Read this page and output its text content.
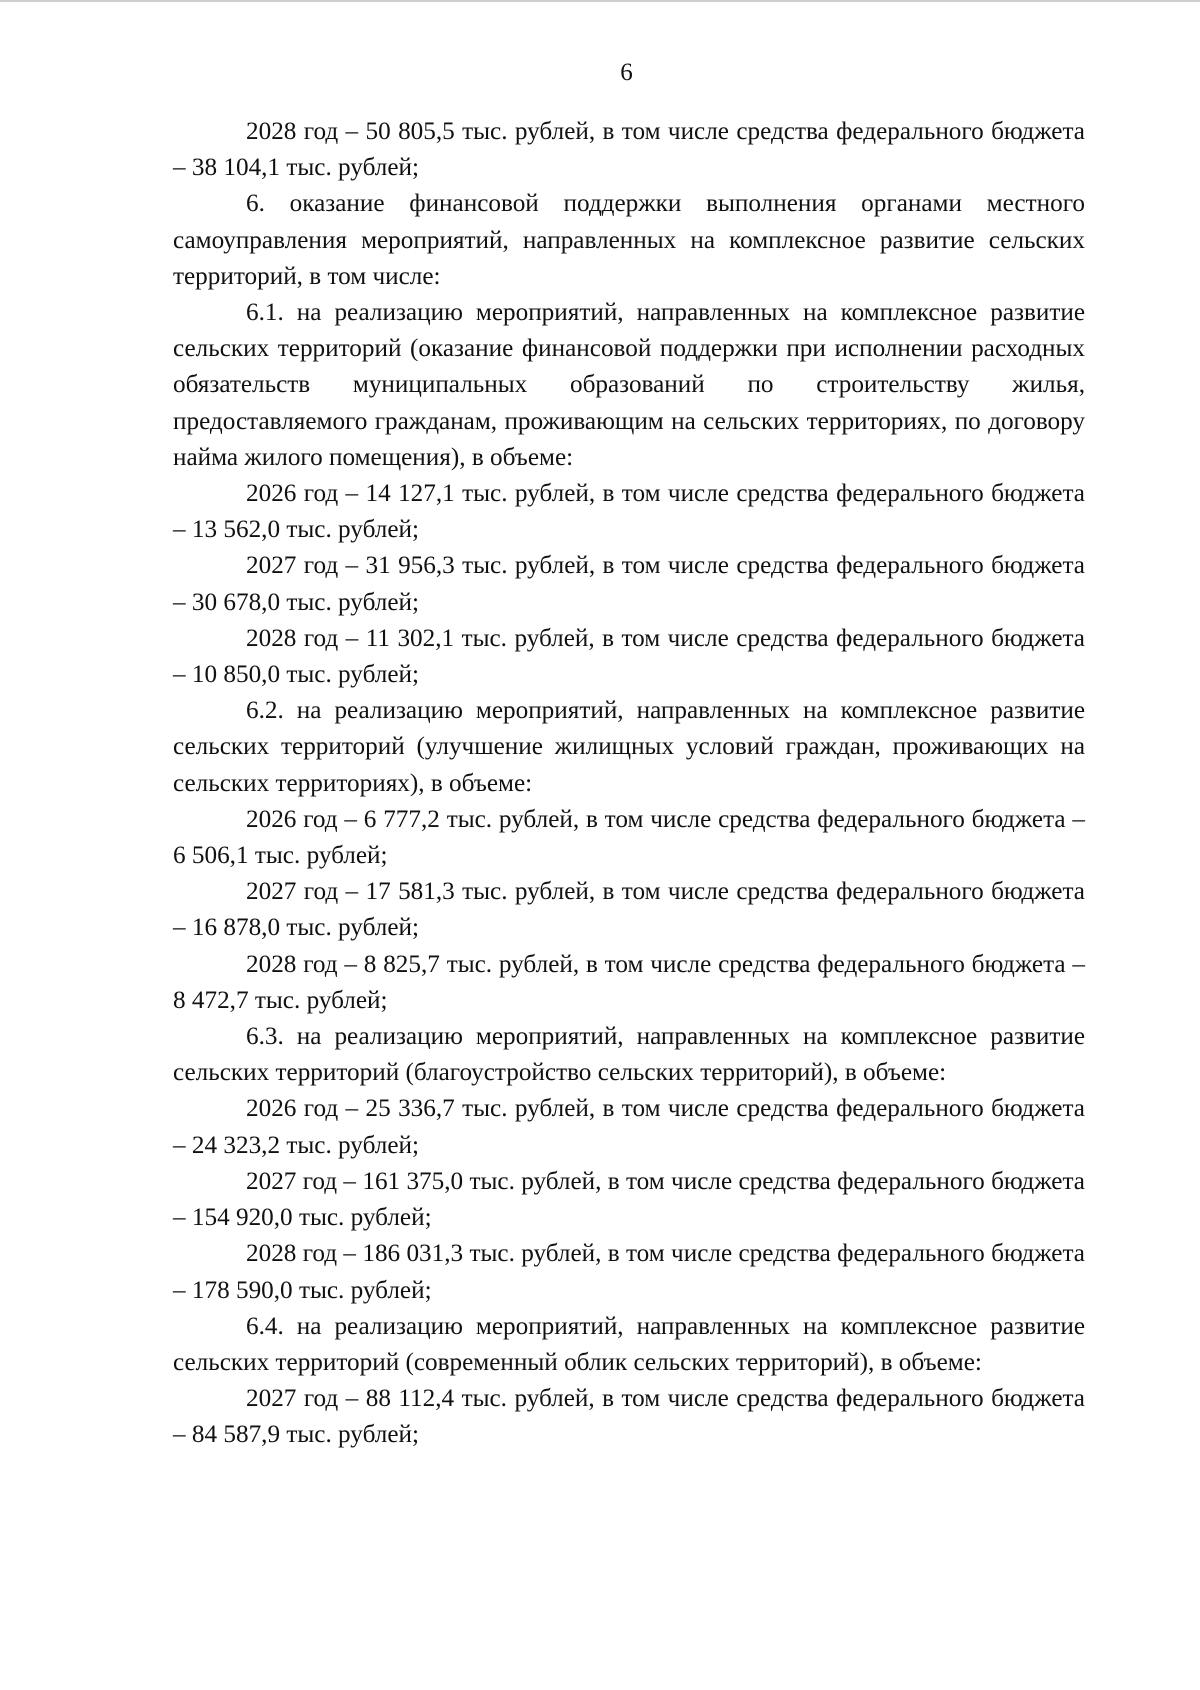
6

2028 год – 50 805,5 тыс. рублей, в том числе средства федерального бюджета – 38 104,1 тыс. рублей;

6. оказание финансовой поддержки выполнения органами местного самоуправления мероприятий, направленных на комплексное развитие сельских территорий, в том числе:

6.1. на реализацию мероприятий, направленных на комплексное развитие сельских территорий (оказание финансовой поддержки при исполнении расходных обязательств муниципальных образований по строительству жилья, предоставляемого гражданам, проживающим на сельских территориях, по договору найма жилого помещения), в объеме:

2026 год – 14 127,1 тыс. рублей, в том числе средства федерального бюджета – 13 562,0 тыс. рублей;

2027 год – 31 956,3 тыс. рублей, в том числе средства федерального бюджета – 30 678,0 тыс. рублей;

2028 год – 11 302,1 тыс. рублей, в том числе средства федерального бюджета – 10 850,0 тыс. рублей;

6.2. на реализацию мероприятий, направленных на комплексное развитие сельских территорий (улучшение жилищных условий граждан, проживающих на сельских территориях), в объеме:

2026 год – 6 777,2 тыс. рублей, в том числе средства федерального бюджета – 6 506,1 тыс. рублей;

2027 год – 17 581,3 тыс. рублей, в том числе средства федерального бюджета – 16 878,0 тыс. рублей;

2028 год – 8 825,7 тыс. рублей, в том числе средства федерального бюджета – 8 472,7 тыс. рублей;

6.3. на реализацию мероприятий, направленных на комплексное развитие сельских территорий (благоустройство сельских территорий), в объеме:

2026 год – 25 336,7 тыс. рублей, в том числе средства федерального бюджета – 24 323,2 тыс. рублей;

2027 год – 161 375,0 тыс. рублей, в том числе средства федерального бюджета – 154 920,0 тыс. рублей;

2028 год – 186 031,3 тыс. рублей, в том числе средства федерального бюджета – 178 590,0 тыс. рублей;

6.4. на реализацию мероприятий, направленных на комплексное развитие сельских территорий (современный облик сельских территорий), в объеме:

2027 год – 88 112,4 тыс. рублей, в том числе средства федерального бюджета – 84 587,9 тыс. рублей;
